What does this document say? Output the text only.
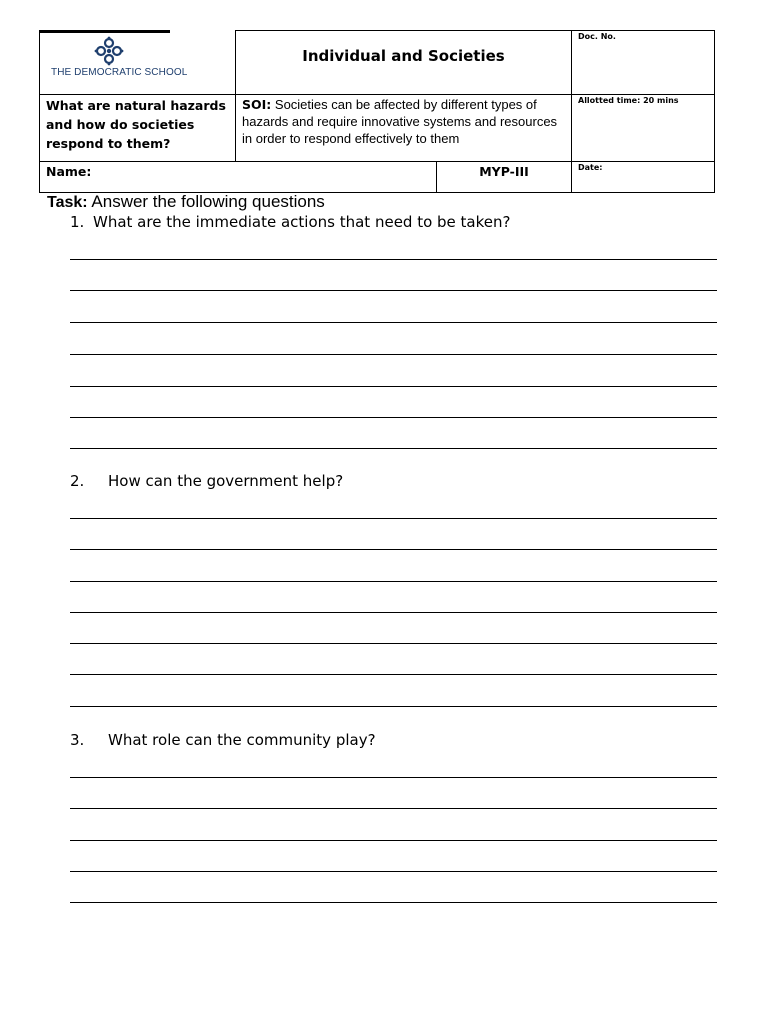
THE DEMOCRATIC SCHOOL
Individual and Societies
Doc. No.
What are natural hazards and how do societies respond to them?
SOI: Societies can be affected by different types of hazards and require innovative systems and resources in order to respond effectively to them
Allotted time: 20 mins
Name:	MYP-III	Date:
Task: Answer the following questions
1. What are the immediate actions that need to be taken?
2. How can the government help?
3. What role can the community play?
